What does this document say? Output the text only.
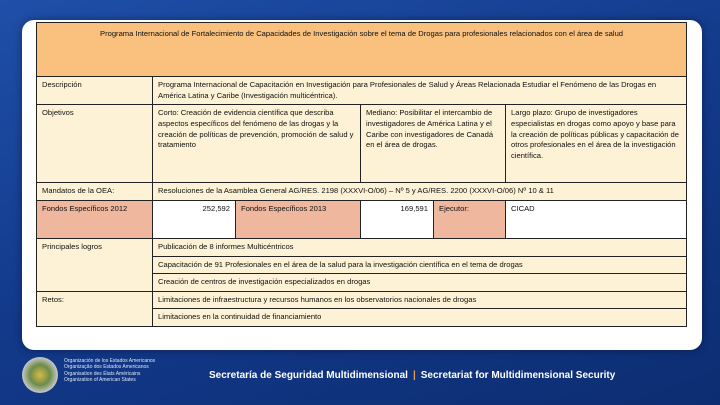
Programa Internacional de Fortalecimiento de Capacidades de Investigación sobre el tema de Drogas para profesionales relacionados con el área de salud					
Descripción	Programa Internacional de Capacitación en Investigación para Profesionales de Salud y Áreas Relacionada Estudiar el Fenómeno de las Drogas en América Latina y Caribe (Investigación multicéntrica).				
Objetivos	Corto: Creación de evidencia científica que describa aspectos específicos del fenómeno de las drogas y la creación de políticas de prevención, promoción de salud y tratamiento		Mediano: Posibilitar el intercambio de investigadores de América Latina y el Caribe con investigadores de Canadá en el área de drogas.		Largo plazo: Grupo de investigadores especialistas en drogas como apoyo y base para la creación de políticas públicas y capacitación de otros profesionales en el área de la investigación científica.
Mandatos de la OEA:	Resoluciones de la Asamblea General AG/RES. 2198 (XXXVI-O/06) – Nº 5 y AG/RES. 2200 (XXXVI-O/06) Nº 10 & 11				
Fondos Específicos 2012	252,592	Fondos Específicos 2013	169,591	Ejecutor:	CICAD
Principales logros	Publicación de 8 informes Multicéntricos				
	Capacitación de 91 Profesionales en el área de la salud para la investigación científica en el tema de drogas				
	Creación de centros de investigación especializados en drogas				
Retos:	Limitaciones de infraestructura y recursos humanos en los observatorios nacionales de drogas				
	Limitaciones en la continuidad de financiamiento				
Organización de los Estados Americanos
Organização dos Estados Americanos
Organisation des États Américains
Organization of American States	Secretaría de Seguridad Multidimensional | Secretariat for Multidimensional Security
